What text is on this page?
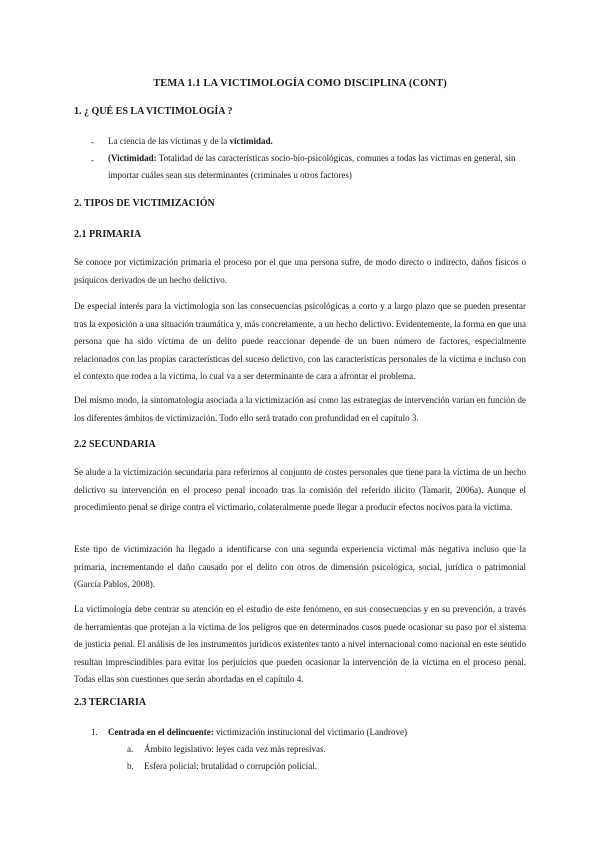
TEMA 1.1 LA VICTIMOLOGÍA COMO DISCIPLINA (CONT)
1. ¿ QUÉ ES LA VICTIMOLOGÍA ?
- La ciencia de las víctimas y de la victimidad.
- (Victimidad: Totalidad de las características socio-bio-psicológicas, comunes a todas las víctimas en general, sin importar cuáles sean sus determinantes (criminales u otros factores)
2. TIPOS DE VICTIMIZACIÓN
2.1 PRIMARIA

Se conoce por victimización primaria el proceso por el que una persona sufre, de modo directo o indirecto, daños físicos o psíquicos derivados de un hecho delictivo.

De especial interés para la victimología son las consecuencias psicológicas a corto y a largo plazo que se pueden presentar tras la exposición a una situación traumática y, más concretamente, a un hecho delictivo. Evidentemente, la forma en que una persona que ha sido víctima de un delito puede reaccionar depende de un buen número de factores, especialmente relacionados con las propias características del suceso delictivo, con las características personales de la víctima e incluso con el contexto que rodea a la víctima, lo cual va a ser determinante de cara a afrontar el problema.

Del mismo modo, la sintomatología asociada a la victimización así como las estrategias de intervención varían en función de los diferentes ámbitos de victimización. Todo ello será tratado con profundidad en el capítulo 3.

2.2 SECUNDARIA

Se alude a la victimización secundaria para referirnos al conjunto de costes personales que tiene para la víctima de un hecho delictivo su intervención en el proceso penal incoado tras la comisión del referido ilícito (Tamarit, 2006a). Aunque el procedimiento penal se dirige contra el victimario, colateralmente puede llegar a producir efectos nocivos para la víctima.

Este tipo de victimización ha llegado a identificarse con una segunda experiencia victimal más negativa incluso que la primaria, incrementando el daño causado por el delito con otros de dimensión psicológica, social, jurídica o patrimonial (García Pablos, 2008).

La victimología debe centrar su atención en el estudio de este fenómeno, en sus consecuencias y en su prevención, a través de herramientas que protejan a la víctima de los peligros que en determinados casos puede ocasionar su paso por el sistema de justicia penal. El análisis de los instrumentos jurídicos existentes tanto a nivel internacional como nacional en este sentido resultan imprescindibles para evitar los perjuicios que pueden ocasionar la intervención de la víctima en el proceso penal. Todas ellas son cuestiones que serán abordadas en el capítulo 4.

2.3 TERCIARIA
1. Centrada en el delincuente: victimización institucional del victimario (Landrove)
a. Ámbito legislativo: leyes cada vez más represivas.
b. Esfera policial: brutalidad o corrupción policial.
